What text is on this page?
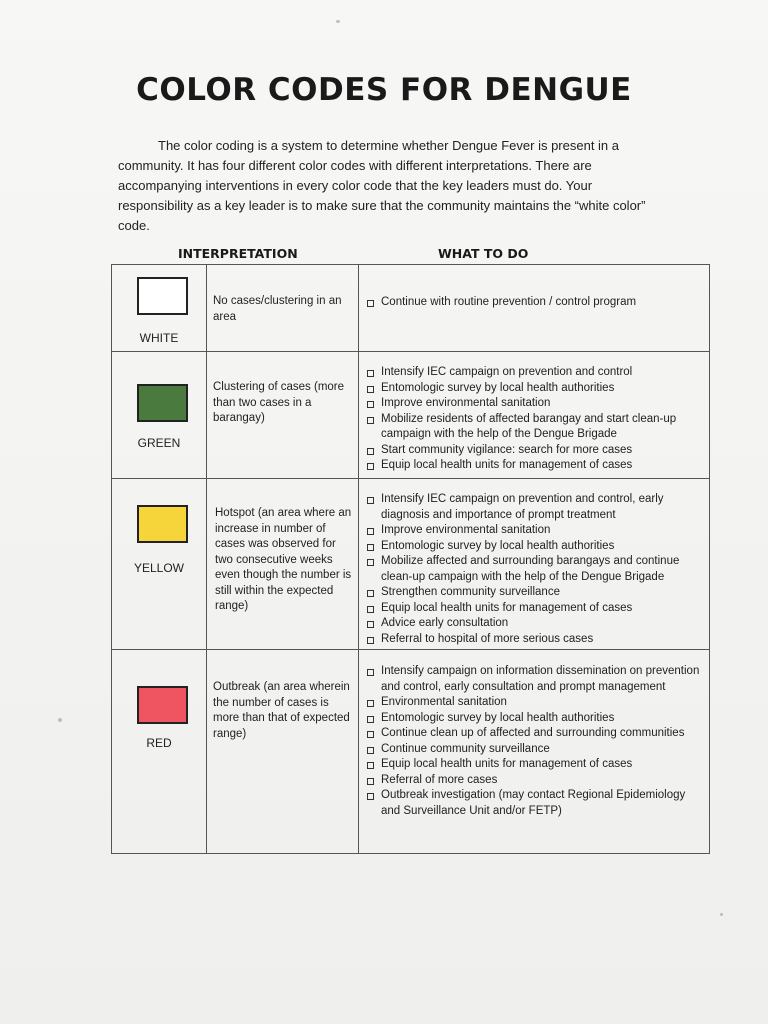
COLOR CODES FOR DENGUE

The color coding is a system to determine whether Dengue Fever is present in a community. It has four different color codes with different interpretations. There are accompanying interventions in every color code that the key leaders must do. Your responsibility as a key leader is to make sure that the community maintains the “white color” code.

INTERPRETATION	WHAT TO DO
WHITE
No cases/clustering in an area
Continue with routine prevention / control program
GREEN
Clustering of cases (more than two cases in a barangay)
Intensify IEC campaign on prevention and control
Entomologic survey by local health authorities
Improve environmental sanitation
Mobilize residents of affected barangay and start clean-up campaign with the help of the Dengue Brigade
Start community vigilance: search for more cases
Equip local health units for management of cases
YELLOW
Hotspot (an area where an increase in number of cases was observed for two consecutive weeks even though the number is still within the expected range)
Intensify IEC campaign on prevention and control, early diagnosis and importance of prompt treatment
Improve environmental sanitation
Entomologic survey by local health authorities
Mobilize affected and surrounding barangays and continue clean-up campaign with the help of the Dengue Brigade
Strengthen community surveillance
Equip local health units for management of cases
Advice early consultation
Referral to hospital of more serious cases
RED
Outbreak (an area wherein the number of cases is more than that of expected range)
Intensify campaign on information dissemination on prevention and control, early consultation and prompt management
Environmental sanitation
Entomologic survey by local health authorities
Continue clean up of affected and surrounding communities
Continue community surveillance
Equip local health units for management of cases
Referral of more cases
Outbreak investigation (may contact Regional Epidemiology and Surveillance Unit and/or FETP)
